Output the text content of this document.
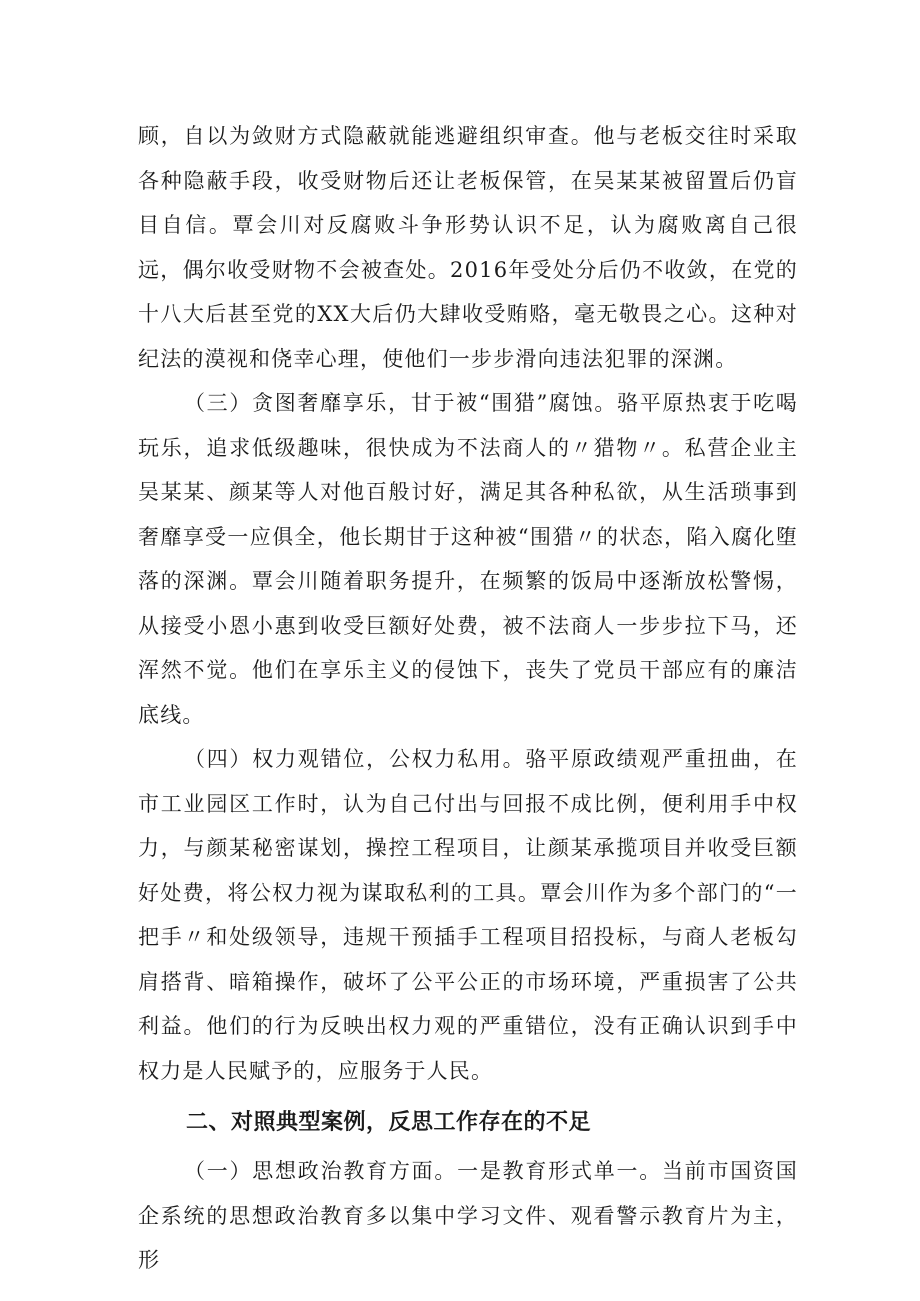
顾，自以为敛财方式隐蔽就能逃避组织审查。他与老板交往时采取各种隐蔽手段，收受财物后还让老板保管，在吴某某被留置后仍盲目自信。覃会川对反腐败斗争形势认识不足，认为腐败离自己很远，偶尔收受财物不会被查处。2016年受处分后仍不收敛，在党的十八大后甚至党的XX大后仍大肆收受贿赂，毫无敬畏之心。这种对纪法的漠视和侥幸心理，使他们一步步滑向违法犯罪的深渊。

（三）贪图奢靡享乐，甘于被“围猎”腐蚀。骆平原热衷于吃喝玩乐，追求低级趣味，很快成为不法商人的〃猎物〃。私营企业主吴某某、颜某等人对他百般讨好，满足其各种私欲，从生活琐事到奢靡享受一应俱全，他长期甘于这种被“围猎〃的状态，陷入腐化堕落的深渊。覃会川随着职务提升，在频繁的饭局中逐渐放松警惕，从接受小恩小惠到收受巨额好处费，被不法商人一步步拉下马，还浑然不觉。他们在享乐主义的侵蚀下，丧失了党员干部应有的廉洁底线。

（四）权力观错位，公权力私用。骆平原政绩观严重扭曲，在市工业园区工作时，认为自己付出与回报不成比例，便利用手中权力，与颜某秘密谋划，操控工程项目，让颜某承揽项目并收受巨额好处费，将公权力视为谋取私利的工具。覃会川作为多个部门的“一把手〃和处级领导，违规干预插手工程项目招投标，与商人老板勾肩搭背、暗箱操作，破坏了公平公正的市场环境，严重损害了公共利益。他们的行为反映出权力观的严重错位，没有正确认识到手中权力是人民赋予的，应服务于人民。

二、对照典型案例，反思工作存在的不足

（一）思想政治教育方面。一是教育形式单一。当前市国资国企系统的思想政治教育多以集中学习文件、观看警示教育片为主，形
